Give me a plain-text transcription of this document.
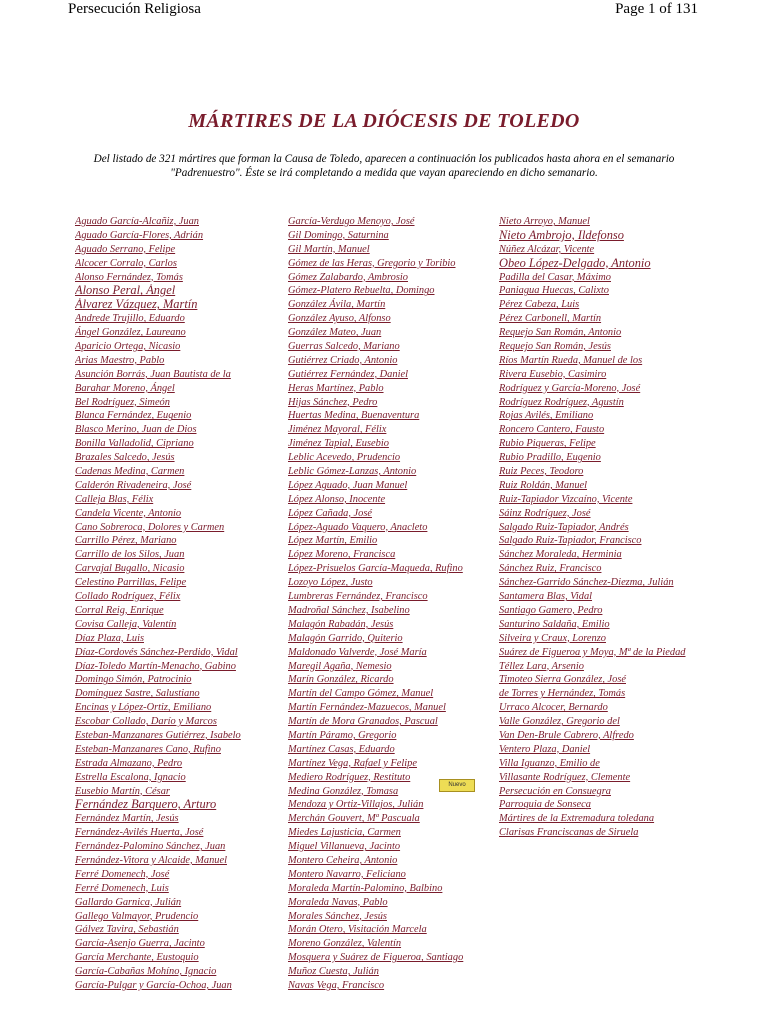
Persecución Religiosa	Page 1 of 131
MÁRTIRES DE LA DIÓCESIS DE TOLEDO
Del listado de 321 mártires que forman la Causa de Toledo, aparecen a continuación los publicados hasta ahora en el semanario "Padrenuestro". Éste se irá completando a medida que vayan apareciendo en dicho semanario.
Aguado García-Alcañiz, Juan
Aguado García-Flores, Adrián
Aguado Serrano, Felipe
Alcocer Corralo, Carlos
Alonso Fernández, Tomás
Alonso Peral, Ángel
Álvarez Vázquez, Martín
Andrede Trujillo, Eduardo
Ángel González, Laureano
Aparicio Ortega, Nicasio
Arias Maestro, Pablo
Asunción Borrás, Juan Bautista de la
Barahar Moreno, Ángel
Bel Rodríguez, Simeón
Blanca Fernández, Eugenio
Blasco Merino, Juan de Dios
Bonilla Valladolid, Cipriano
Brazales Salcedo, Jesús
Cadenas Medina, Carmen
Calderón Rivadeneira, José
Calleja Blas, Félix
Candela Vicente, Antonio
Cano Sobreroca, Dolores y Carmen
Carrillo Pérez, Mariano
Carrillo de los Silos, Juan
Carvajal Bugallo, Nicasio
Celestino Parrillas, Felipe
Collado Rodríguez, Félix
Corral Reig, Enrique
Covisa Calleja, Valentín
Díaz Plaza, Luis
Díaz-Cordovés Sánchez-Perdido, Vidal
Díaz-Toledo Martín-Menacho, Gabino
Domingo Simón, Patrocinio
Domínguez Sastre, Salustiano
Encinas y López-Ortiz, Emiliano
Escobar Collado, Darío y Marcos
Esteban-Manzanares Gutiérrez, Isabelo
Esteban-Manzanares Cano, Rufino
Estrada Almazano, Pedro
Estrella Escalona, Ignacio
Eusebio Martín, César
Fernández Barquero, Arturo
Fernández Martín, Jesús
Fernández-Avilés Huerta, José
Fernández-Palomino Sánchez, Juan
Fernández-Vitora y Alcaide, Manuel
Ferré Domenech, José
Ferré Domenech, Luis
Gallardo Garnica, Julián
Gallego Valmayor, Prudencio
Gálvez Tavira, Sebastián
García-Asenjo Guerra, Jacinto
García Merchante, Eustoquio
García-Cabañas Mohíno, Ignacio
García-Pulgar y García-Ochoa, Juan
García-Verdugo Menoyo, José
Gil Domingo, Saturnina
Gil Martín, Manuel
Gómez de las Heras, Gregorio y Toribio
Gómez Zalabardo, Ambrosio
Gómez-Platero Rebuelta, Domingo
González Ávila, Martín
González Ayuso, Alfonso
González Mateo, Juan
Guerras Salcedo, Mariano
Gutiérrez Criado, Antonio
Gutiérrez Fernández, Daniel
Heras Martínez, Pablo
Hijas Sánchez, Pedro
Huertas Medina, Buenaventura
Jiménez Mayoral, Félix
Jiménez Tapial, Eusebio
Leblic Acevedo, Prudencio
Leblic Gómez-Lanzas, Antonio
López Aguado, Juan Manuel
López Alonso, Inocente
López Cañada, José
López-Aguado Vaquero, Anacleto
López Martín, Emilio
López Moreno, Francisca
López-Prisuelos García-Maqueda, Rufino
Lozoyo López, Justo
Lumbreras Fernández, Francisco
Madroñal Sánchez, Isabelino
Malagón Rabadán, Jesús
Malagón Garrido, Quiterio
Maldonado Valverde, José María
Maregil Agaña, Nemesio
Marín González, Ricardo
Martín del Campo Gómez, Manuel
Martín Fernández-Mazuecos, Manuel
Martín de Mora Granados, Pascual
Martín Páramo, Gregorio
Martínez Casas, Eduardo
Martínez Vega, Rafael y Felipe
Mediero Rodríguez, Restituto
Medina González, Tomasa
Mendoza y Ortiz-Villajos, Julián
Merchán Gouvert, Mª Pascuala
Miedes Lajusticia, Carmen
Miguel Villanueva, Jacinto
Montero Ceheira, Antonio
Montero Navarro, Feliciano
Moraleda Martín-Palomino, Balbino
Moraleda Navas, Pablo
Morales Sánchez, Jesús
Morán Otero, Visitación Marcela
Moreno González, Valentín
Mosquera y Suárez de Figueroa, Santiago
Muñoz Cuesta, Julián
Navas Vega, Francisco
Nieto Arroyo, Manuel
Nieto Ambrojo, Ildefonso
Núñez Alcázar, Vicente
Obeo López-Delgado, Antonio
Padilla del Casar, Máximo
Paniagua Huecas, Calixto
Pérez Cabeza, Luis
Pérez Carbonell, Martín
Requejo San Román, Antonio
Requejo San Román, Jesús
Ríos Martín Rueda, Manuel de los
Rivera Eusebio, Casimiro
Rodríguez y García-Moreno, José
Rodríguez Rodríguez, Agustín
Rojas Avilés, Emiliano
Roncero Cantero, Fausto
Rubio Piqueras, Felipe
Rubio Pradillo, Eugenio
Ruiz Peces, Teodoro
Ruiz Roldán, Manuel
Ruiz-Tapiador Vizcaíno, Vicente
Sáinz Rodríguez, José
Salgado Ruiz-Tapiador, Andrés
Salgado Ruiz-Tapiador, Francisco
Sánchez Moraleda, Herminia
Sánchez Ruiz, Francisco
Sánchez-Garrido Sánchez-Diezma, Julián
Santamera Blas, Vidal
Santiago Gamero, Pedro
Santurino Saldaña, Emilio
Silveira y Craux, Lorenzo
Suárez de Figueroa y Moya, Mª de la Piedad
Téllez Lara, Arsenio
Timoteo Sierra González, José
de Torres y Hernández, Tomás
Urraco Alcocer, Bernardo
Valle González, Gregorio del
Van Den-Brule Cabrero, Alfredo
Ventero Plaza, Daniel
Villa Iguanzo, Emilio de
Villasante Rodríguez, Clemente
Persecución en Consuegra
Parroquia de Sonseca
Mártires de la Extremadura toledana
Clarisas Franciscanas de Siruela
Nuevo
